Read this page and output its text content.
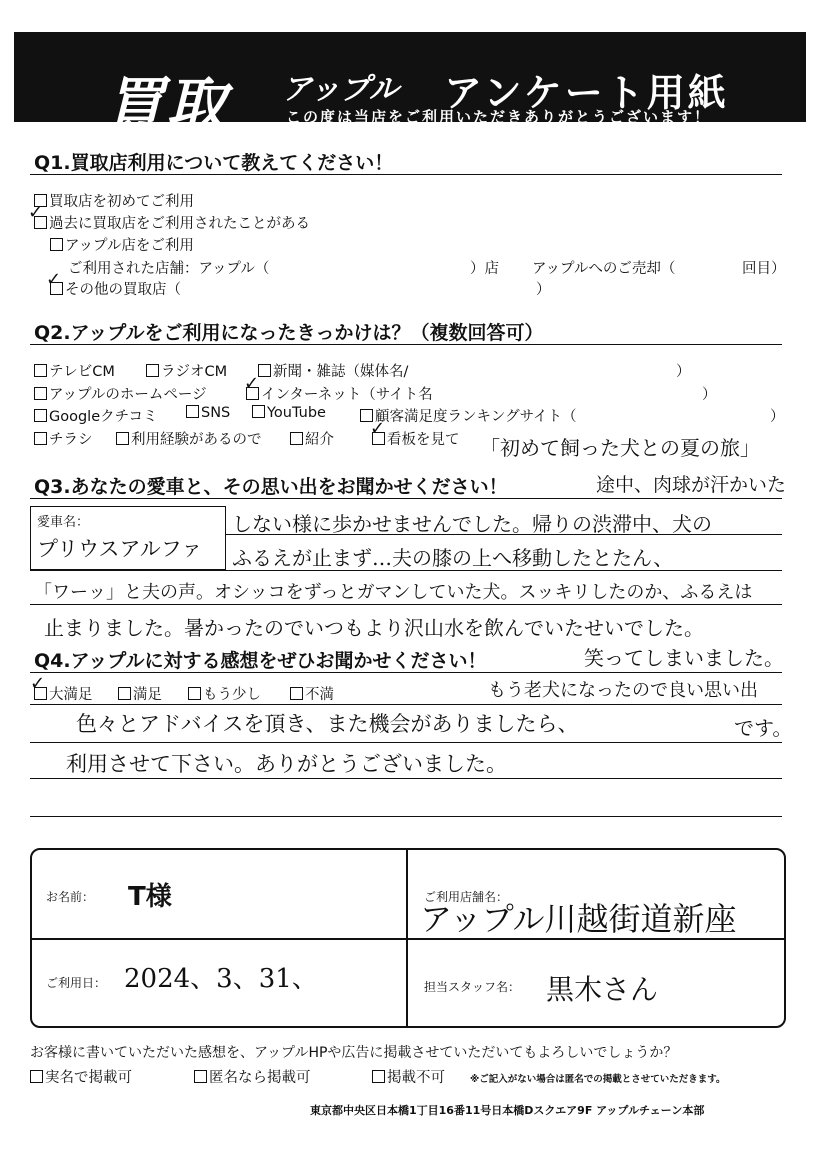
買取 アップル アンケート用紙
この度は当店をご利用いただきありがとうございます！
Q1.買取店利用について教えてください！
買取店を初めてご利用
過去に買取店をご利用されたことがある
✓
アップル店をご利用
ご利用された店舗：アップル（	）店 アップルへのご売却（	回目）
その他の買取店（
✓	）
Q2.アップルをご利用になったきっかけは？（複数回答可）
テレビCM	ラジオCM	新聞・雑誌（媒体名/	）
アップルのホームページ	インターネット（サイト名
✓
）
Googleクチコミ	SNS	YouTube	顧客満足度ランキングサイト（	）
チラシ	利用経験があるので	紹介	看板を見て
✓
「初めて飼った犬との夏の旅」
Q3.あなたの愛車と、その思い出をお聞かせください！	途中、肉球が汗かいた
愛車名：
プリウスアルファ
しない様に歩かせませんでした。帰りの渋滞中、犬の
ふるえが止まず…夫の膝の上へ移動したとたん、
「ワーッ」と夫の声。オシッコをずっとガマンしていた犬。スッキリしたのか、ふるえは
止まりました。暑かったのでいつもより沢山水を飲んでいたせいでした。
Q4.アップルに対する感想をぜひお聞かせください！	笑ってしまいました。
大満足
✓
満足	もう少し	不満	もう老犬になったので良い思い出
色々とアドバイスを頂き、また機会がありましたら、	です。
利用させて下さい。ありがとうございました。
お名前： T様	ご利用店舗名：
アップル川越街道新座
ご利用日： 2024、3、31、	担当スタッフ名： 黒木さん
お客様に書いていただいた感想を、アップルHPや広告に掲載させていただいてもよろしいでしょうか？
実名で掲載可	匿名なら掲載可	掲載不可	※ご記入がない場合は匿名での掲載とさせていただきます。
東京都中央区日本橋1丁目16番11号日本橋Dスクエア9F アップルチェーン本部
